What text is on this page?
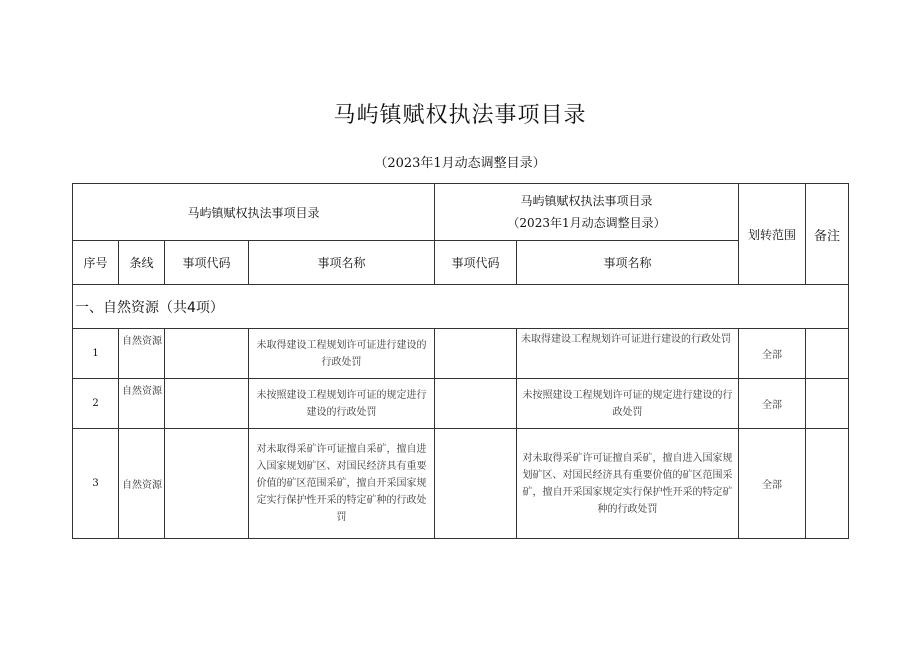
马屿镇赋权执法事项目录
（2023年1月动态调整目录）
马屿镇赋权执法事项目录				马屿镇赋权执法事项目录
（2023年1月动态调整目录）		划转范围	备注
序号	条线	事项代码	事项名称	事项代码	事项名称		
一、自然资源（共4项）							
1	自然资源		未取得建设工程规划许可证进行建设的行政处罚		未取得建设工程规划许可证进行建设的行政处罚	全部	
2	自然资源		未按照建设工程规划许可证的规定进行建设的行政处罚		未按照建设工程规划许可证的规定进行建设的行政处罚	全部	
3	自然资源		对未取得采矿许可证擅自采矿，擅自进入国家规划矿区、对国民经济具有重要价值的矿区范围采矿，擅自开采国家规定实行保护性开采的特定矿种的行政处罚		对未取得采矿许可证擅自采矿，擅自进入国家规划矿区、对国民经济具有重要价值的矿区范围采矿，擅自开采国家规定实行保护性开采的特定矿种的行政处罚	全部	
